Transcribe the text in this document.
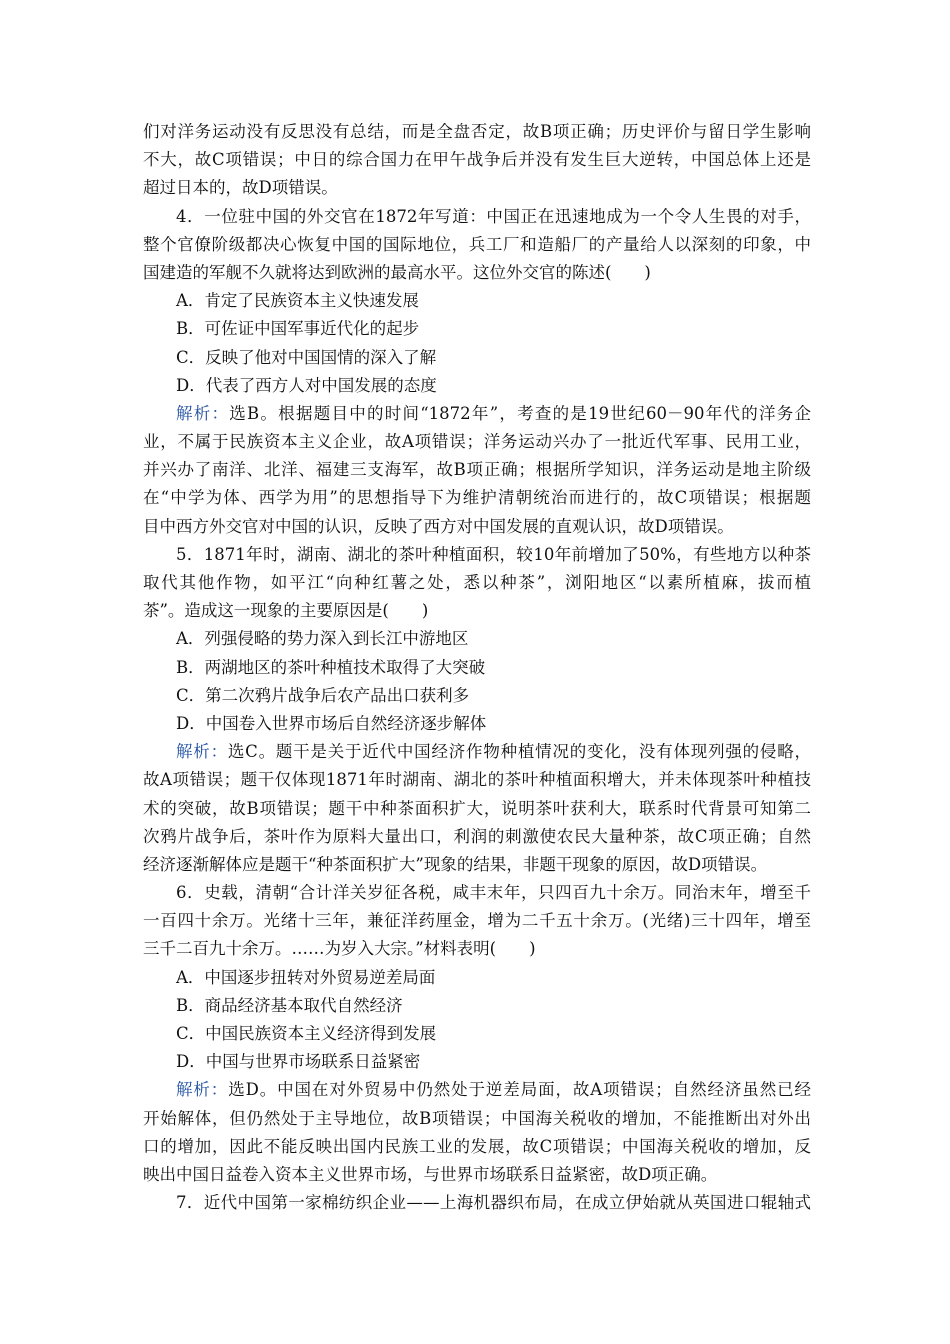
们对洋务运动没有反思没有总结，而是全盘否定，故B项正确；历史评价与留日学生影响
不大，故C项错误；中日的综合国力在甲午战争后并没有发生巨大逆转，中国总体上还是
超过日本的，故D项错误。
4．一位驻中国的外交官在1872年写道：中国正在迅速地成为一个令人生畏的对手，
整个官僚阶级都决心恢复中国的国际地位，兵工厂和造船厂的产量给人以深刻的印象，中
国建造的军舰不久就将达到欧洲的最高水平。这位外交官的陈述(　　)
A．肯定了民族资本主义快速发展
B．可佐证中国军事近代化的起步
C．反映了他对中国国情的深入了解
D．代表了西方人对中国发展的态度
解析：选B。根据题目中的时间“1872年”，考查的是19世纪60－90年代的洋务企
业，不属于民族资本主义企业，故A项错误；洋务运动兴办了一批近代军事、民用工业，
并兴办了南洋、北洋、福建三支海军，故B项正确；根据所学知识，洋务运动是地主阶级
在“中学为体、西学为用”的思想指导下为维护清朝统治而进行的，故C项错误；根据题
目中西方外交官对中国的认识，反映了西方对中国发展的直观认识，故D项错误。
5．1871年时，湖南、湖北的茶叶种植面积，较10年前增加了50%，有些地方以种茶
取代其他作物，如平江“向种红薯之处，悉以种茶”，浏阳地区“以素所植麻，拔而植
茶”。造成这一现象的主要原因是(　　)
A．列强侵略的势力深入到长江中游地区
B．两湖地区的茶叶种植技术取得了大突破
C．第二次鸦片战争后农产品出口获利多
D．中国卷入世界市场后自然经济逐步解体
解析：选C。题干是关于近代中国经济作物种植情况的变化，没有体现列强的侵略，
故A项错误；题干仅体现1871年时湖南、湖北的茶叶种植面积增大，并未体现茶叶种植技
术的突破，故B项错误；题干中种茶面积扩大，说明茶叶获利大，联系时代背景可知第二
次鸦片战争后，茶叶作为原料大量出口，利润的刺激使农民大量种茶，故C项正确；自然
经济逐渐解体应是题干“种茶面积扩大”现象的结果，非题干现象的原因，故D项错误。
6．史载，清朝“合计洋关岁征各税，咸丰末年，只四百九十余万。同治末年，增至千
一百四十余万。光绪十三年，兼征洋药厘金，增为二千五十余万。(光绪)三十四年，增至
三千二百九十余万。……为岁入大宗。”材料表明(　　)
A．中国逐步扭转对外贸易逆差局面
B．商品经济基本取代自然经济
C．中国民族资本主义经济得到发展
D．中国与世界市场联系日益紧密
解析：选D。中国在对外贸易中仍然处于逆差局面，故A项错误；自然经济虽然已经
开始解体，但仍然处于主导地位，故B项错误；中国海关税收的增加，不能推断出对外出
口的增加，因此不能反映出国内民族工业的发展，故C项错误；中国海关税收的增加，反
映出中国日益卷入资本主义世界市场，与世界市场联系日益紧密，故D项正确。
7．近代中国第一家棉纺织企业——上海机器织布局，在成立伊始就从英国进口辊轴式
